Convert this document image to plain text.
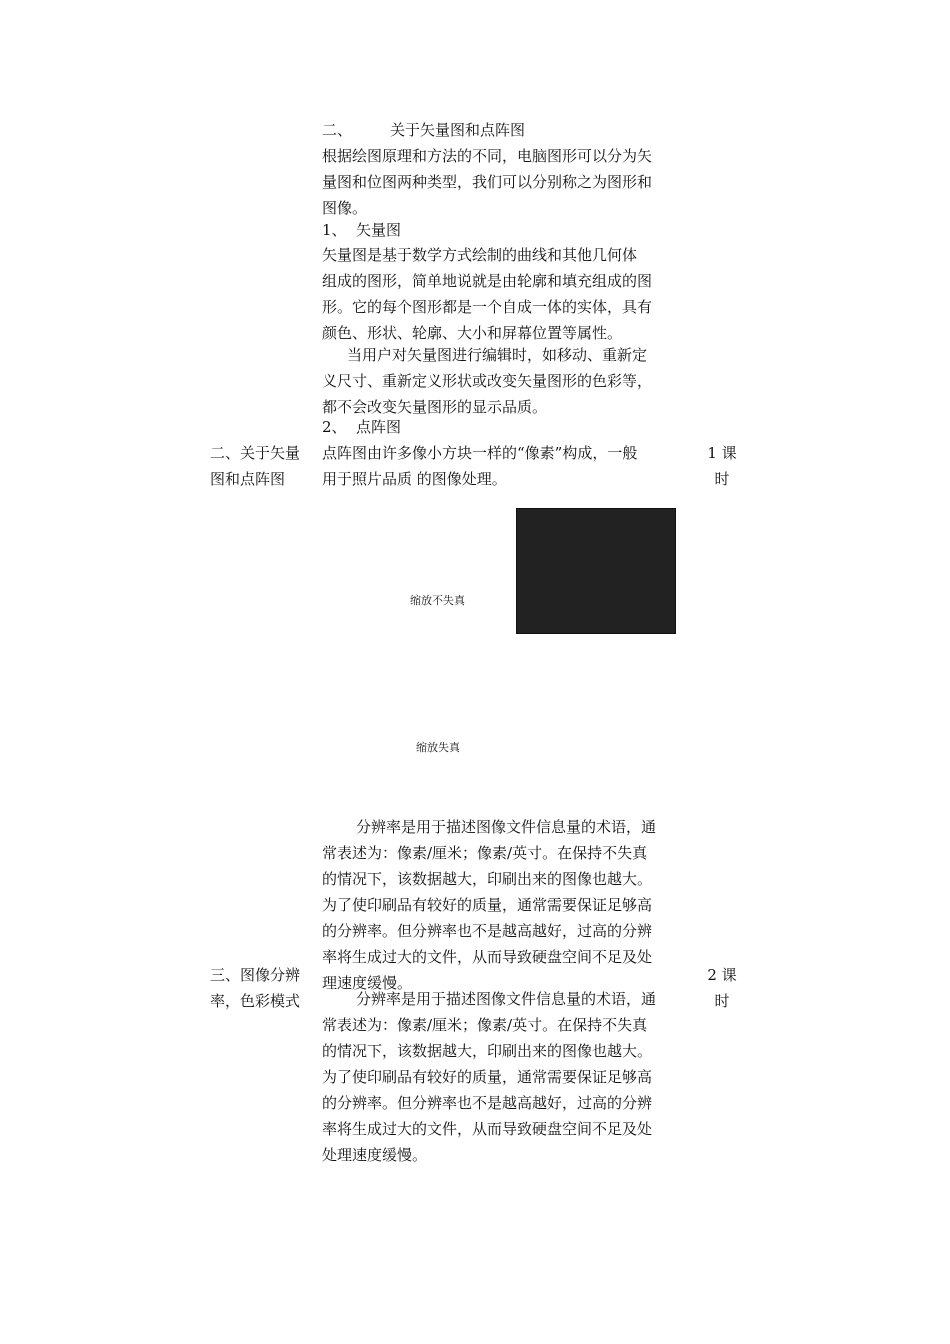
二、	关于矢量图和点阵图
根据绘图原理和方法的不同，电脑图形可以分为矢
量图和位图两种类型，我们可以分别称之为图形和
图像。
1、 矢量图
矢量图是基于数学方式绘制的曲线和其他几何体
组成的图形，简单地说就是由轮廓和填充组成的图
形。它的每个图形都是一个自成一体的实体，具有
颜色、形状、轮廓、大小和屏幕位置等属性。
当用户对矢量图进行编辑时，如移动、重新定
义尺寸、重新定义形状或改变矢量图形的色彩等，
都不会改变矢量图形的显示品质。
2、 点阵图
点阵图由许多像小方块一样的“像素”构成，一般
用于照片品质 的图像处理。
二、关于矢量
图和点阵图
1 课
时
缩放不失真
缩放失真
分辨率是用于描述图像文件信息量的术语，通
常表述为：像素/厘米；像素/英寸。在保持不失真
的情况下，该数据越大，印刷出来的图像也越大。
为了使印刷品有较好的质量，通常需要保证足够高
的分辨率。但分辨率也不是越高越好，过高的分辨
率将生成过大的文件，从而导致硬盘空间不足及处
理速度缓慢。
三、图像分辨
率，色彩模式
2 课
时
分辨率是用于描述图像文件信息量的术语，通
常表述为：像素/厘米；像素/英寸。在保持不失真
的情况下，该数据越大，印刷出来的图像也越大。
为了使印刷品有较好的质量，通常需要保证足够高
的分辨率。但分辨率也不是越高越好，过高的分辨
率将生成过大的文件，从而导致硬盘空间不足及处
处理速度缓慢。
